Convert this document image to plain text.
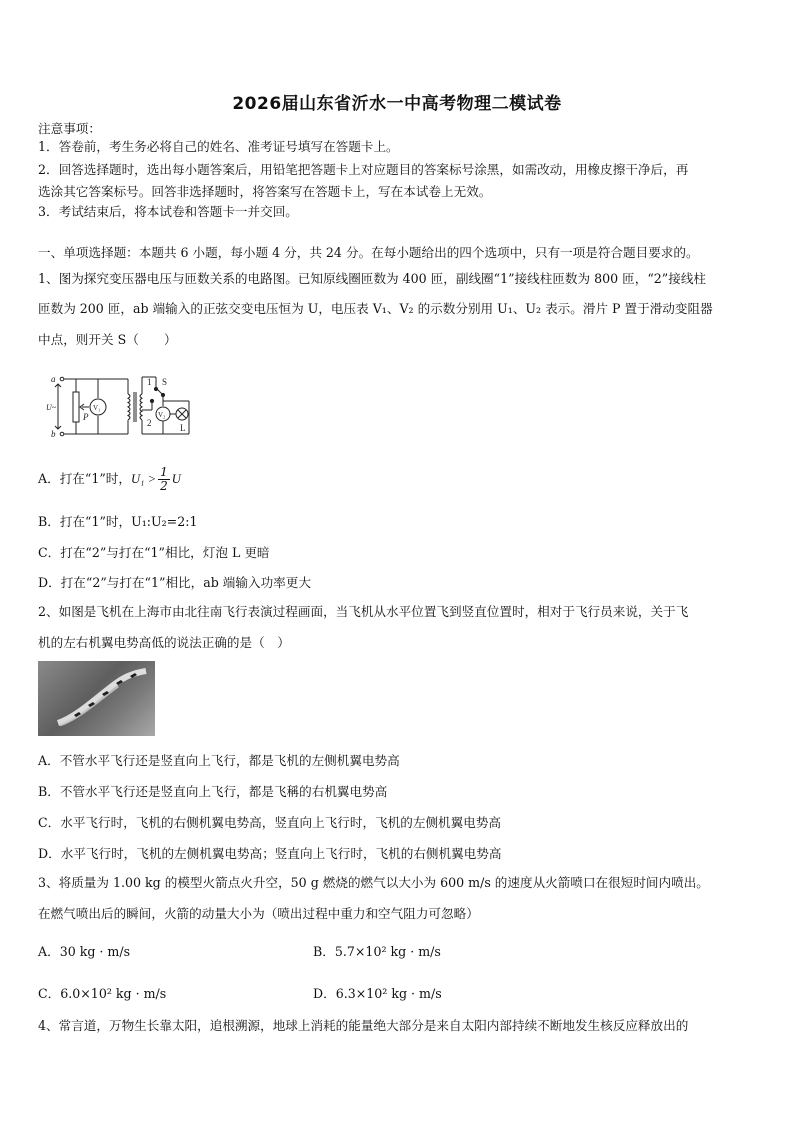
2026届山东省沂水一中高考物理二模试卷
注意事项：
1．答卷前，考生务必将自己的姓名、准考证号填写在答题卡上。
2．回答选择题时，选出每小题答案后，用铅笔把答题卡上对应题目的答案标号涂黑，如需改动，用橡皮擦干净后，再
选涂其它答案标号。回答非选择题时，将答案写在答题卡上，写在本试卷上无效。
3．考试结束后，将本试卷和答题卡一并交回。
一、单项选择题：本题共 6 小题，每小题 4 分，共 24 分。在每小题给出的四个选项中，只有一项是符合题目要求的。
1、图为探究变压器电压与匝数关系的电路图。已知原线圈匝数为 400 匝，副线圈“1”接线柱匝数为 800 匝，“2”接线柱
匝数为 200 匝，ab 端输入的正弦交变电压恒为 U，电压表 V₁、V₂ 的示数分别用 U₁、U₂ 表示。滑片 P 置于滑动变阻器
中点，则开关 S（　　）
a
b
U~
P
V₁
V₂
S
1
2	L
A．打在“1”时，$U_1 > \frac{1}{2}$ U
B．打在“1”时，U₁:U₂=2:1
C．打在“2”与打在“1”相比，灯泡 L 更暗
D．打在“2”与打在“1”相比，ab 端输入功率更大
2、如图是飞机在上海市由北往南飞行表演过程画面，当飞机从水平位置飞到竖直位置时，相对于飞行员来说，关于飞
机的左右机翼电势高低的说法正确的是（　）
A．不管水平飞行还是竖直向上飞行，都是飞机的左侧机翼电势高
B．不管水平飞行还是竖直向上飞行，都是飞稱的右机翼电势高
C．水平飞行时，飞机的右侧机翼电势高，竖直向上飞行时，飞机的左侧机翼电势高
D．水平飞行时，飞机的左侧机翼电势高；竖直向上飞行时，飞机的右侧机翼电势高
3、将质量为 1.00 kg 的模型火箭点火升空，50 g 燃烧的燃气以大小为 600 m/s 的速度从火箭喷口在很短时间内喷出。
在燃气喷出后的瞬间，火箭的动量大小为（喷出过程中重力和空气阻力可忽略）
A．30 kg · m/s	B．5.7×10² kg · m/s
C．6.0×10² kg · m/s	D．6.3×10² kg · m/s
4、常言道，万物生长靠太阳，追根溯源，地球上消耗的能量绝大部分是来自太阳内部持续不断地发生核反应释放出的
